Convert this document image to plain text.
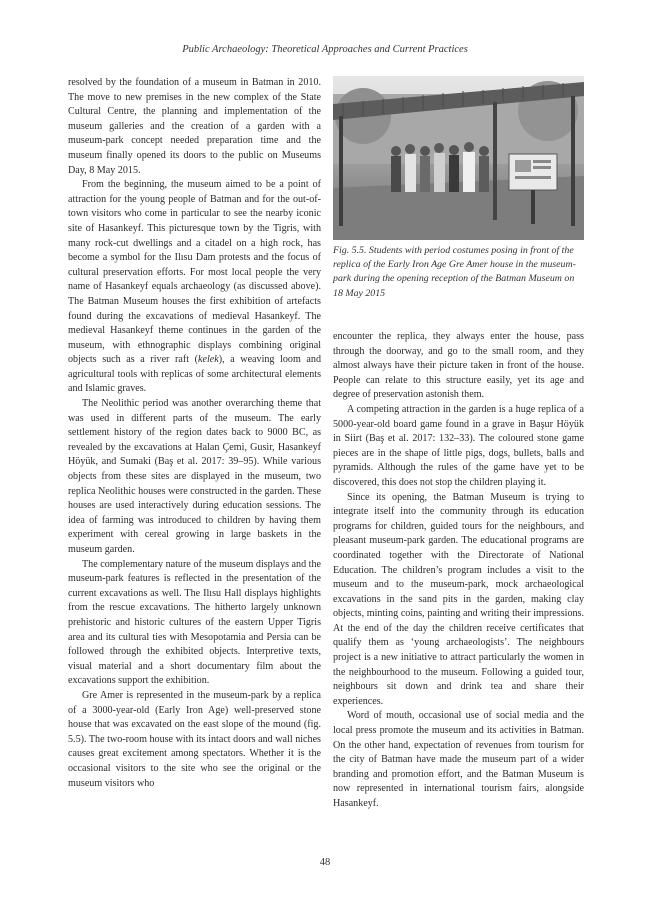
Public Archaeology: Theoretical Approaches and Current Practices

resolved by the foundation of a museum in Batman in 2010. The move to new premises in the new complex of the State Cultural Centre, the planning and implementation of the museum galleries and the creation of a garden with a museum-park concept needed preparation time and the museum finally opened its doors to the public on Museums Day, 8 May 2015.

From the beginning, the museum aimed to be a point of attraction for the young people of Batman and for the out-of-town visitors who come in particular to see the nearby iconic site of Hasankeyf. This picturesque town by the Tigris, with many rock-cut dwellings and a citadel on a high rock, has become a symbol for the Ilısu Dam protests and the focus of cultural preservation efforts. For most local people the very name of Hasankeyf equals archaeology (as discussed above). The Batman Museum houses the first exhibition of artefacts found during the excavations of medieval Hasankeyf. The medieval Hasankeyf theme continues in the garden of the museum, with ethnographic displays combining original objects such as a river raft (kelek), a weaving loom and agricultural tools with replicas of some architectural elements and Islamic graves.

The Neolithic period was another overarching theme that was used in different parts of the museum. The early settlement history of the region dates back to 9000 BC, as revealed by the excavations at Halan Çemi, Gusir, Hasankeyf Höyük, and Sumaki (Baş et al. 2017: 39–95). While various objects from these sites are displayed in the museum, two replica Neolithic houses were constructed in the garden. These houses are used interactively during education sessions. The idea of farming was introduced to children by having them experiment with cereal growing in large baskets in the museum garden.

The complementary nature of the museum displays and the museum-park features is reflected in the presentation of the current excavations as well. The Ilısu Hall displays highlights from the rescue excavations. The hitherto largely unknown prehistoric and historic cultures of the eastern Upper Tigris area and its cultural ties with Mesopotamia and Persia can be followed through the exhibited objects. Interpretive texts, visual material and a short documentary film about the excavations support the exhibition.

Gre Amer is represented in the museum-park by a replica of a 3000-year-old (Early Iron Age) well-preserved stone house that was excavated on the east slope of the mound (fig. 5.5). The two-room house with its intact doors and wall niches causes great excitement among spectators. Whether it is the occasional visitors to the site who see the original or the museum visitors who

Fig. 5.5. Students with period costumes posing in front of the replica of the Early Iron Age Gre Amer house in the museum-park during the opening reception of the Batman Museum on 18 May 2015

encounter the replica, they always enter the house, pass through the doorway, and go to the small room, and they almost always have their picture taken in front of the house. People can relate to this structure easily, yet its age and degree of preservation astonish them.

A competing attraction in the garden is a huge replica of a 5000-year-old board game found in a grave in Başur Höyük in Siirt (Baş et al. 2017: 132–33). The coloured stone game pieces are in the shape of little pigs, dogs, bullets, balls and pyramids. Although the rules of the game have yet to be discovered, this does not stop the children playing it.

Since its opening, the Batman Museum is trying to integrate itself into the community through its education programs for children, guided tours for the neighbours, and pleasant museum-park garden. The educational programs are coordinated together with the Directorate of National Education. The children’s program includes a visit to the museum and to the museum-park, mock archaeological excavations in the sand pits in the garden, making clay objects, minting coins, painting and writing their impressions. At the end of the day the children receive certificates that qualify them as ‘young archaeologists’. The neighbours project is a new initiative to attract particularly the women in the neighbourhood to the museum. Following a guided tour, neighbours sit down and drink tea and share their experiences.

Word of mouth, occasional use of social media and the local press promote the museum and its activities in Batman. On the other hand, expectation of revenues from tourism for the city of Batman have made the museum part of a wider branding and promotion effort, and the Batman Museum is now represented in international tourism fairs, alongside Hasankeyf.

48
